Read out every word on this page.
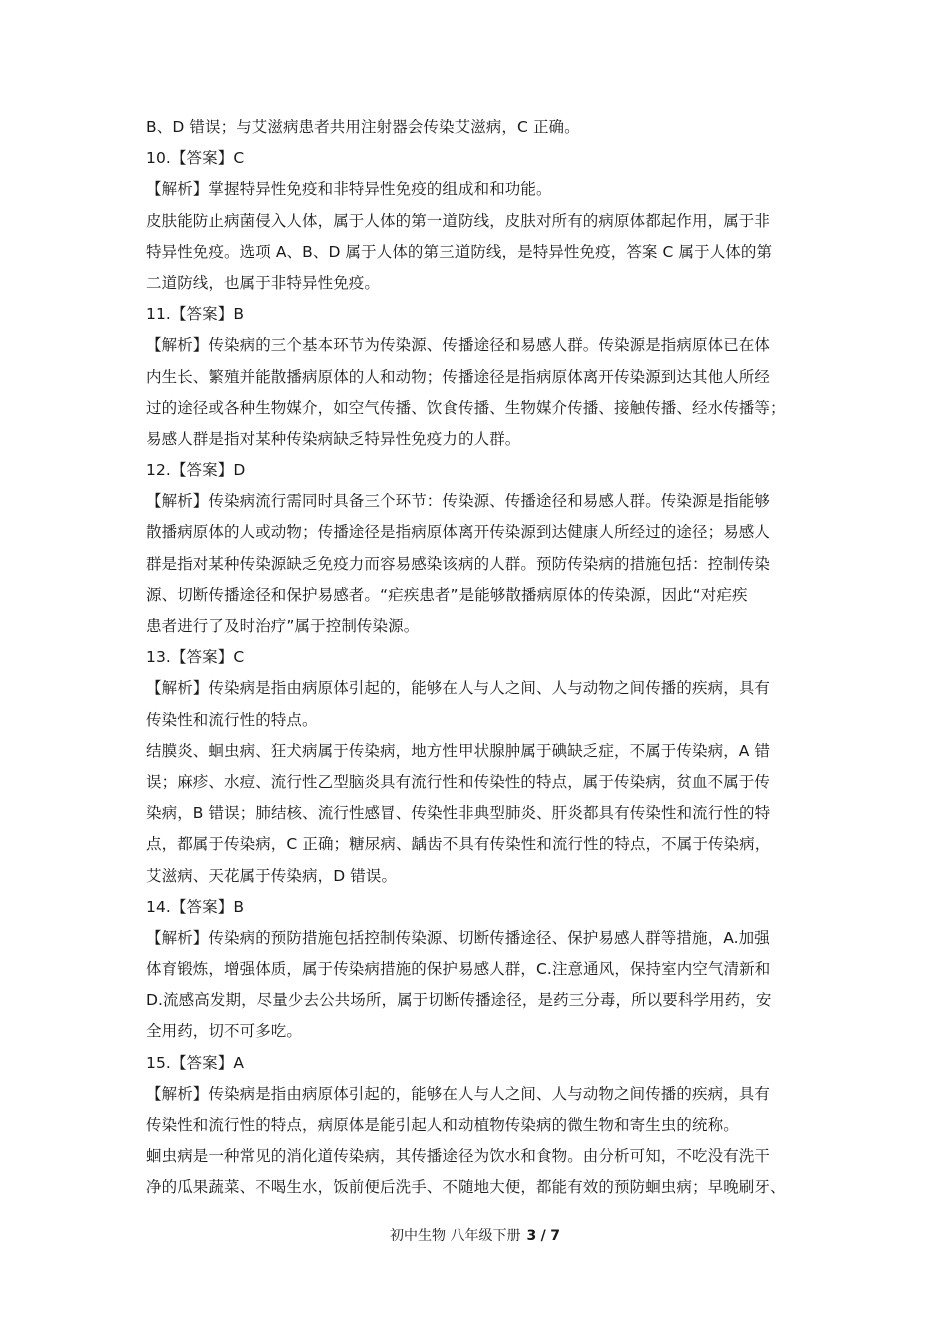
B、D 错误；与艾滋病患者共用注射器会传染艾滋病，C 正确。
10.【答案】C
【解析】掌握特异性免疫和非特异性免疫的组成和和功能。
皮肤能防止病菌侵入人体，属于人体的第一道防线，皮肤对所有的病原体都起作用，属于非
特异性免疫。选项 A、B、D 属于人体的第三道防线，是特异性免疫，答案 C 属于人体的第
二道防线，也属于非特异性免疫。
11.【答案】B
【解析】传染病的三个基本环节为传染源、传播途径和易感人群。传染源是指病原体已在体
内生长、繁殖并能散播病原体的人和动物；传播途径是指病原体离开传染源到达其他人所经
过的途径或各种生物媒介，如空气传播、饮食传播、生物媒介传播、接触传播、经水传播等；
易感人群是指对某种传染病缺乏特异性免疫力的人群。
12.【答案】D
【解析】传染病流行需同时具备三个环节：传染源、传播途径和易感人群。传染源是指能够
散播病原体的人或动物；传播途径是指病原体离开传染源到达健康人所经过的途径；易感人
群是指对某种传染源缺乏免疫力而容易感染该病的人群。预防传染病的措施包括：控制传染
源、切断传播途径和保护易感者。“疟疾患者”是能够散播病原体的传染源，因此“对疟疾
患者进行了及时治疗”属于控制传染源。
13.【答案】C
【解析】传染病是指由病原体引起的，能够在人与人之间、人与动物之间传播的疾病，具有
传染性和流行性的特点。
结膜炎、蛔虫病、狂犬病属于传染病，地方性甲状腺肿属于碘缺乏症，不属于传染病，A 错
误；麻疹、水痘、流行性乙型脑炎具有流行性和传染性的特点，属于传染病，贫血不属于传
染病，B 错误；肺结核、流行性感冒、传染性非典型肺炎、肝炎都具有传染性和流行性的特
点，都属于传染病，C 正确；糖尿病、龋齿不具有传染性和流行性的特点，不属于传染病，
艾滋病、天花属于传染病，D 错误。
14.【答案】B
【解析】传染病的预防措施包括控制传染源、切断传播途径、保护易感人群等措施，A.加强
体育锻炼，增强体质，属于传染病措施的保护易感人群，C.注意通风，保持室内空气清新和
D.流感高发期，尽量少去公共场所，属于切断传播途径，是药三分毒，所以要科学用药，安
全用药，切不可多吃。
15.【答案】A
【解析】传染病是指由病原体引起的，能够在人与人之间、人与动物之间传播的疾病，具有
传染性和流行性的特点，病原体是能引起人和动植物传染病的微生物和寄生虫的统称。
蛔虫病是一种常见的消化道传染病，其传播途径为饮水和食物。由分析可知，不吃没有洗干
净的瓜果蔬菜、不喝生水，饭前便后洗手、不随地大便，都能有效的预防蛔虫病；早晚刷牙、
初中生物 八年级下册 3 / 7
